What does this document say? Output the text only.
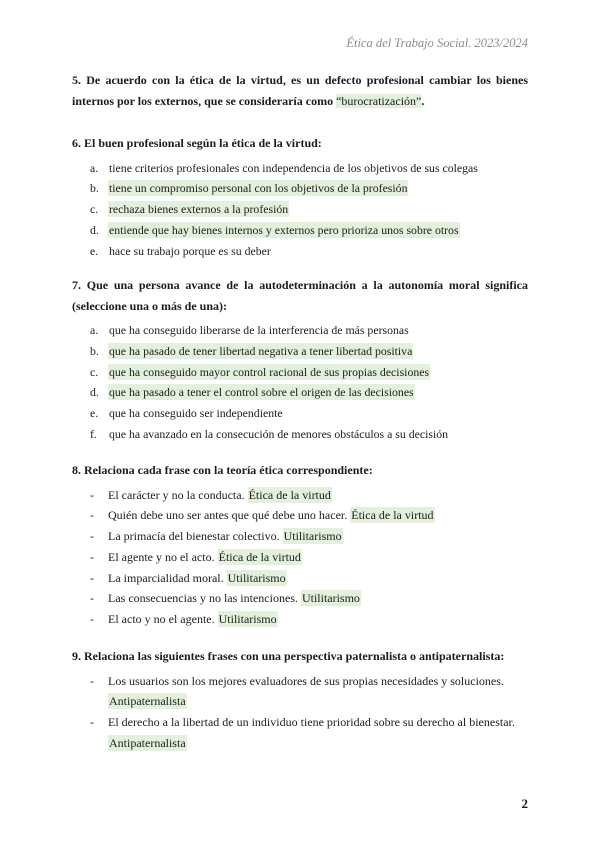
Ética del Trabajo Social. 2023/2024

5. De acuerdo con la ética de la virtud, es un defecto profesional cambiar los bienes internos por los externos, que se consideraría como “burocratización”.

6. El buen profesional según la ética de la virtud:

a. tiene criterios profesionales con independencia de los objetivos de sus colegas
b. tiene un compromiso personal con los objetivos de la profesión
c. rechaza bienes externos a la profesión
d. entiende que hay bienes internos y externos pero prioriza unos sobre otros
e. hace su trabajo porque es su deber

7. Que una persona avance de la autodeterminación a la autonomía moral significa (seleccione una o más de una):

a. que ha conseguido liberarse de la interferencia de más personas
b. que ha pasado de tener libertad negativa a tener libertad positiva
c. que ha conseguido mayor control racional de sus propias decisiones
d. que ha pasado a tener el control sobre el origen de las decisiones
e. que ha conseguido ser independiente
f. que ha avanzado en la consecución de menores obstáculos a su decisión

8. Relaciona cada frase con la teoría ética correspondiente:

- El carácter y no la conducta. Ética de la virtud
- Quién debe uno ser antes que qué debe uno hacer. Ética de la virtud
- La primacía del bienestar colectivo. Utilitarismo
- El agente y no el acto. Ética de la virtud
- La imparcialidad moral. Utilitarismo
- Las consecuencias y no las intenciones. Utilitarismo
- El acto y no el agente. Utilitarismo

9. Relaciona las siguientes frases con una perspectiva paternalista o antipaternalista:

- Los usuarios son los mejores evaluadores de sus propias necesidades y soluciones.
Antipaternalista
- El derecho a la libertad de un individuo tiene prioridad sobre su derecho al bienestar.
Antipaternalista
2
